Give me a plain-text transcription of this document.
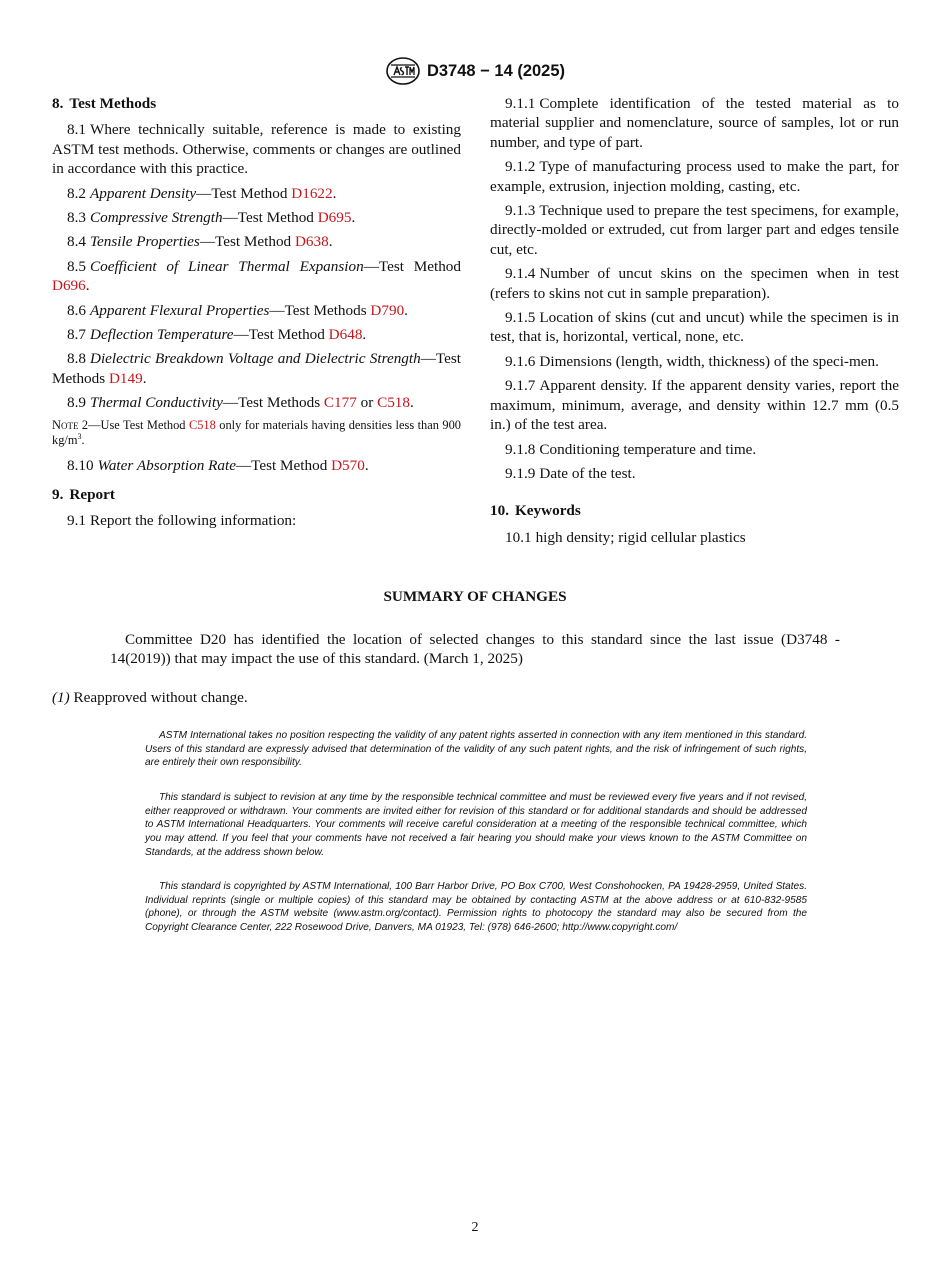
D3748 − 14 (2025)
8. Test Methods

8.1 Where technically suitable, reference is made to existing ASTM test methods. Otherwise, comments or changes are outlined in accordance with this practice.

8.2 Apparent Density—Test Method D1622.

8.3 Compressive Strength—Test Method D695.

8.4 Tensile Properties—Test Method D638.

8.5 Coefficient of Linear Thermal Expansion—Test Method D696.

8.6 Apparent Flexural Properties—Test Methods D790.

8.7 Deflection Temperature—Test Method D648.

8.8 Dielectric Breakdown Voltage and Dielectric Strength—Test Methods D149.

8.9 Thermal Conductivity—Test Methods C177 or C518.

Note 2—Use Test Method C518 only for materials having densities less than 900 $kg/m^3$.

8.10 Water Absorption Rate—Test Method D570.

9. Report

9.1 Report the following information:

9.1.1 Complete identification of the tested material as to material supplier and nomenclature, source of samples, lot or run number, and type of part.

9.1.2 Type of manufacturing process used to make the part, for example, extrusion, injection molding, casting, etc.

9.1.3 Technique used to prepare the test specimens, for example, directly-molded or extruded, cut from larger part and edges tensile cut, etc.

9.1.4 Number of uncut skins on the specimen when in test (refers to skins not cut in sample preparation).

9.1.5 Location of skins (cut and uncut) while the specimen is in test, that is, horizontal, vertical, none, etc.

9.1.6 Dimensions (length, width, thickness) of the speci-men.

9.1.7 Apparent density. If the apparent density varies, report the maximum, minimum, average, and density within 12.7 mm (0.5 in.) of the test area.

9.1.8 Conditioning temperature and time.

9.1.9 Date of the test.

10. Keywords

10.1 high density; rigid cellular plastics

SUMMARY OF CHANGES
Committee D20 has identified the location of selected changes to this standard since the last issue (D3748 - 14(2019)) that may impact the use of this standard. (March 1, 2025)
(1) Reapproved without change.
ASTM International takes no position respecting the validity of any patent rights asserted in connection with any item mentioned in this standard. Users of this standard are expressly advised that determination of the validity of any such patent rights, and the risk of infringement of such rights, are entirely their own responsibility.
This standard is subject to revision at any time by the responsible technical committee and must be reviewed every five years and if not revised, either reapproved or withdrawn. Your comments are invited either for revision of this standard or for additional standards and should be addressed to ASTM International Headquarters. Your comments will receive careful consideration at a meeting of the responsible technical committee, which you may attend. If you feel that your comments have not received a fair hearing you should make your views known to the ASTM Committee on Standards, at the address shown below.
This standard is copyrighted by ASTM International, 100 Barr Harbor Drive, PO Box C700, West Conshohocken, PA 19428-2959, United States. Individual reprints (single or multiple copies) of this standard may be obtained by contacting ASTM at the above address or at 610-832-9585 (phone), or through the ASTM website (www.astm.org/contact). Permission rights to photocopy the standard may also be secured from the Copyright Clearance Center, 222 Rosewood Drive, Danvers, MA 01923, Tel: (978) 646-2600; http://www.copyright.com/
2
